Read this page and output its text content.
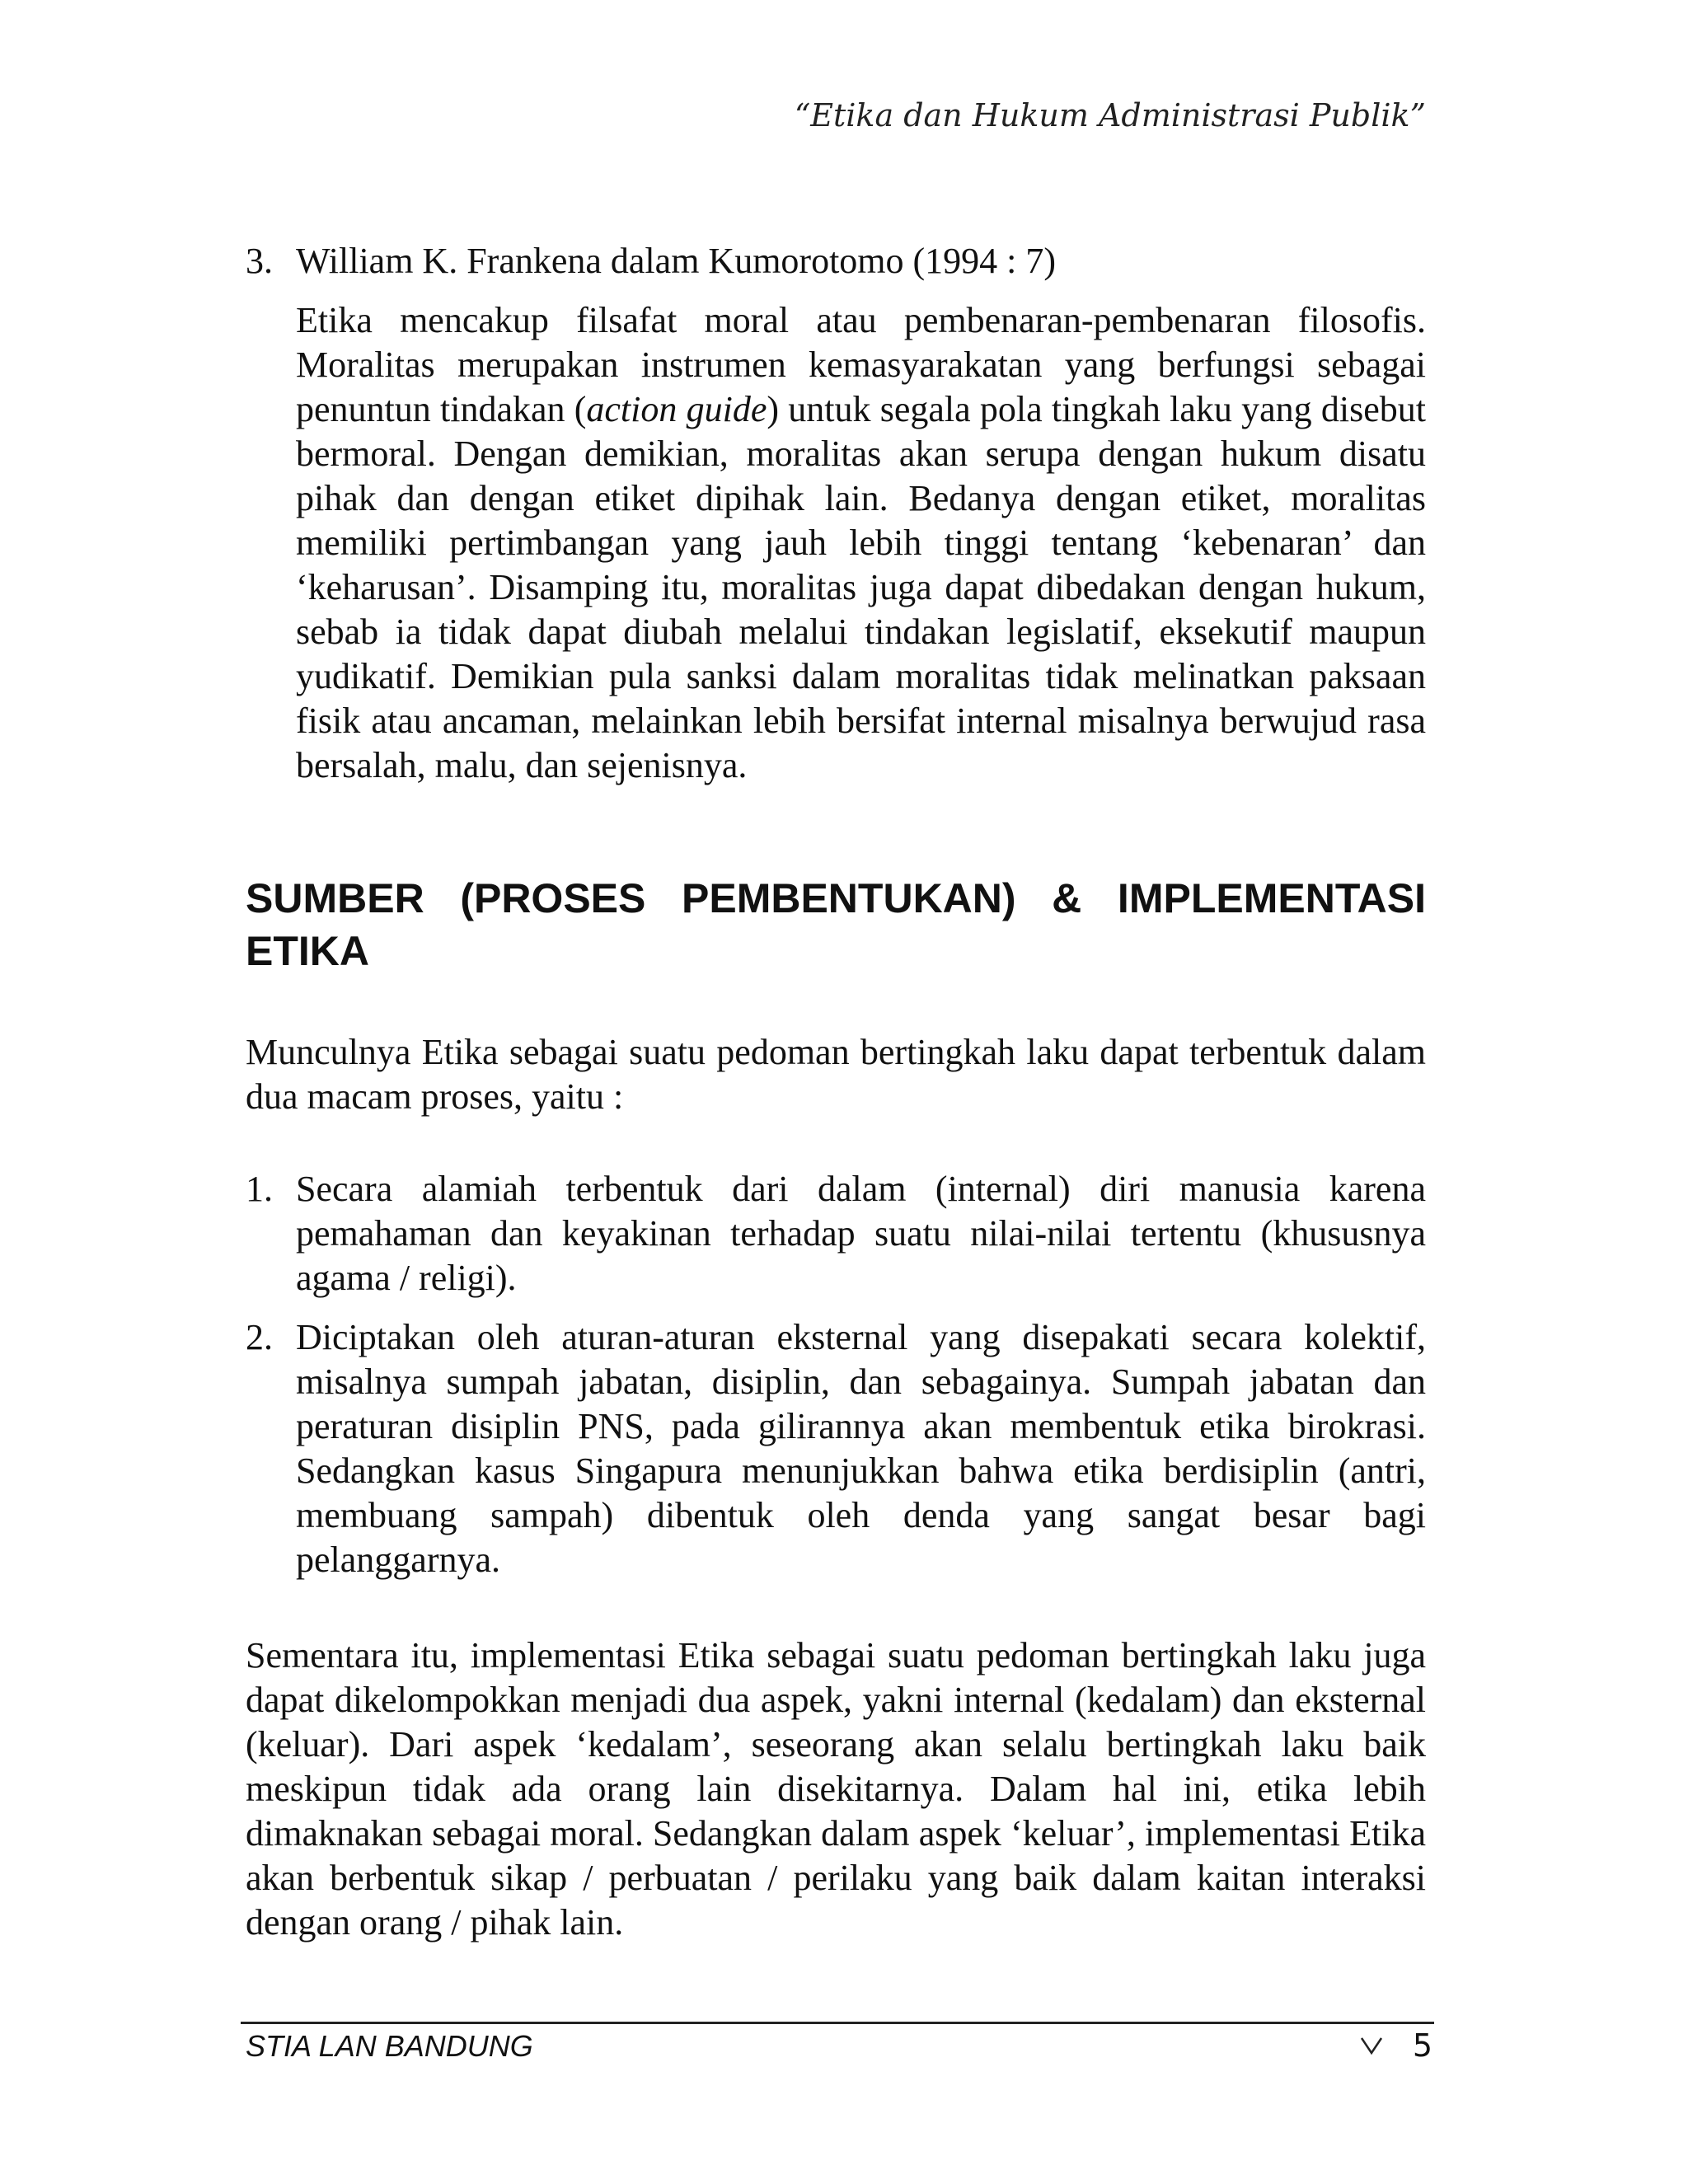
“Etika dan Hukum Administrasi Publik”
3. William K. Frankena dalam Kumorotomo (1994 : 7)

Etika mencakup filsafat moral atau pembenaran-pembenaran filosofis. Moralitas merupakan instrumen kemasyarakatan yang berfungsi sebagai penuntun tindakan (action guide) untuk segala pola tingkah laku yang disebut bermoral. Dengan demikian, moralitas akan serupa dengan hukum disatu pihak dan dengan etiket dipihak lain. Bedanya dengan etiket, moralitas memiliki pertimbangan yang jauh lebih tinggi tentang ‘kebenaran’ dan ‘keharusan’. Disamping itu, moralitas juga dapat dibedakan dengan hukum, sebab ia tidak dapat diubah melalui tindakan legislatif, eksekutif maupun yudikatif. Demikian pula sanksi dalam moralitas tidak melinatkan paksaan fisik atau ancaman, melainkan lebih bersifat internal misalnya berwujud rasa bersalah, malu, dan sejenisnya.

SUMBER (PROSES PEMBENTUKAN) & IMPLEMENTASI ETIKA

Munculnya Etika sebagai suatu pedoman bertingkah laku dapat terbentuk dalam dua macam proses, yaitu :

1. Secara alamiah terbentuk dari dalam (internal) diri manusia karena pemahaman dan keyakinan terhadap suatu nilai-nilai tertentu (khususnya agama / religi).
2. Diciptakan oleh aturan-aturan eksternal yang disepakati secara kolektif, misalnya sumpah jabatan, disiplin, dan sebagainya. Sumpah jabatan dan peraturan disiplin PNS, pada gilirannya akan membentuk etika birokrasi. Sedangkan kasus Singapura menunjukkan bahwa etika berdisiplin (antri, membuang sampah) dibentuk oleh denda yang sangat besar bagi pelanggarnya.

Sementara itu, implementasi Etika sebagai suatu pedoman bertingkah laku juga dapat dikelompokkan menjadi dua aspek, yakni internal (kedalam) dan eksternal (keluar). Dari aspek ‘kedalam’, seseorang akan selalu bertingkah laku baik meskipun tidak ada orang lain disekitarnya. Dalam hal ini, etika lebih dimaknakan sebagai moral. Sedangkan dalam aspek ‘keluar’, implementasi Etika akan berbentuk sikap / perbuatan / perilaku yang baik dalam kaitan interaksi dengan orang / pihak lain.

STIA LAN BANDUNG	5
